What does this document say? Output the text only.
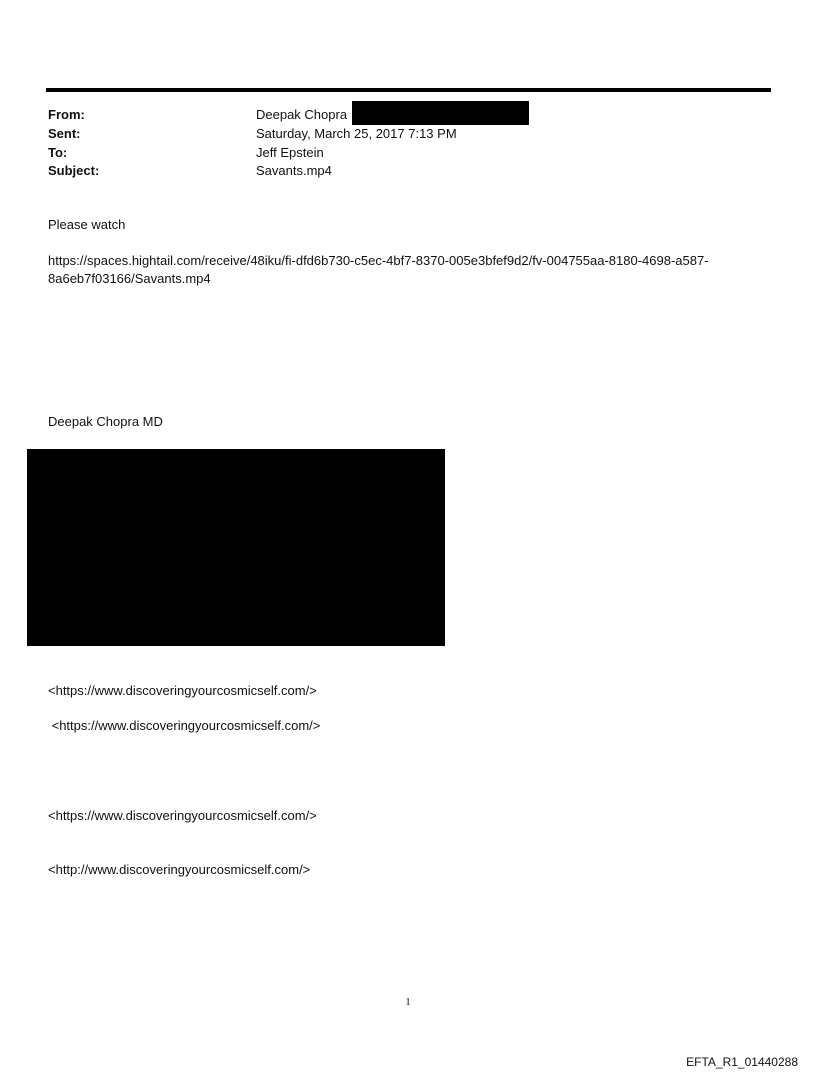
From:	Deepak Chopra
Sent:	Saturday, March 25, 2017 7:13 PM
To:	Jeff Epstein
Subject:	Savants.mp4
Please watch
https://spaces.hightail.com/receive/48iku/fi-dfd6b730-c5ec-4bf7-8370-005e3bfef9d2/fv-004755aa-8180-4698-a587-
8a6eb7f03166/Savants.mp4
Deepak Chopra MD
<https://www.discoveringyourcosmicself.com/>
<https://www.discoveringyourcosmicself.com/>
<https://www.discoveringyourcosmicself.com/>
<http://www.discoveringyourcosmicself.com/>
1
EFTA_R1_01440288
